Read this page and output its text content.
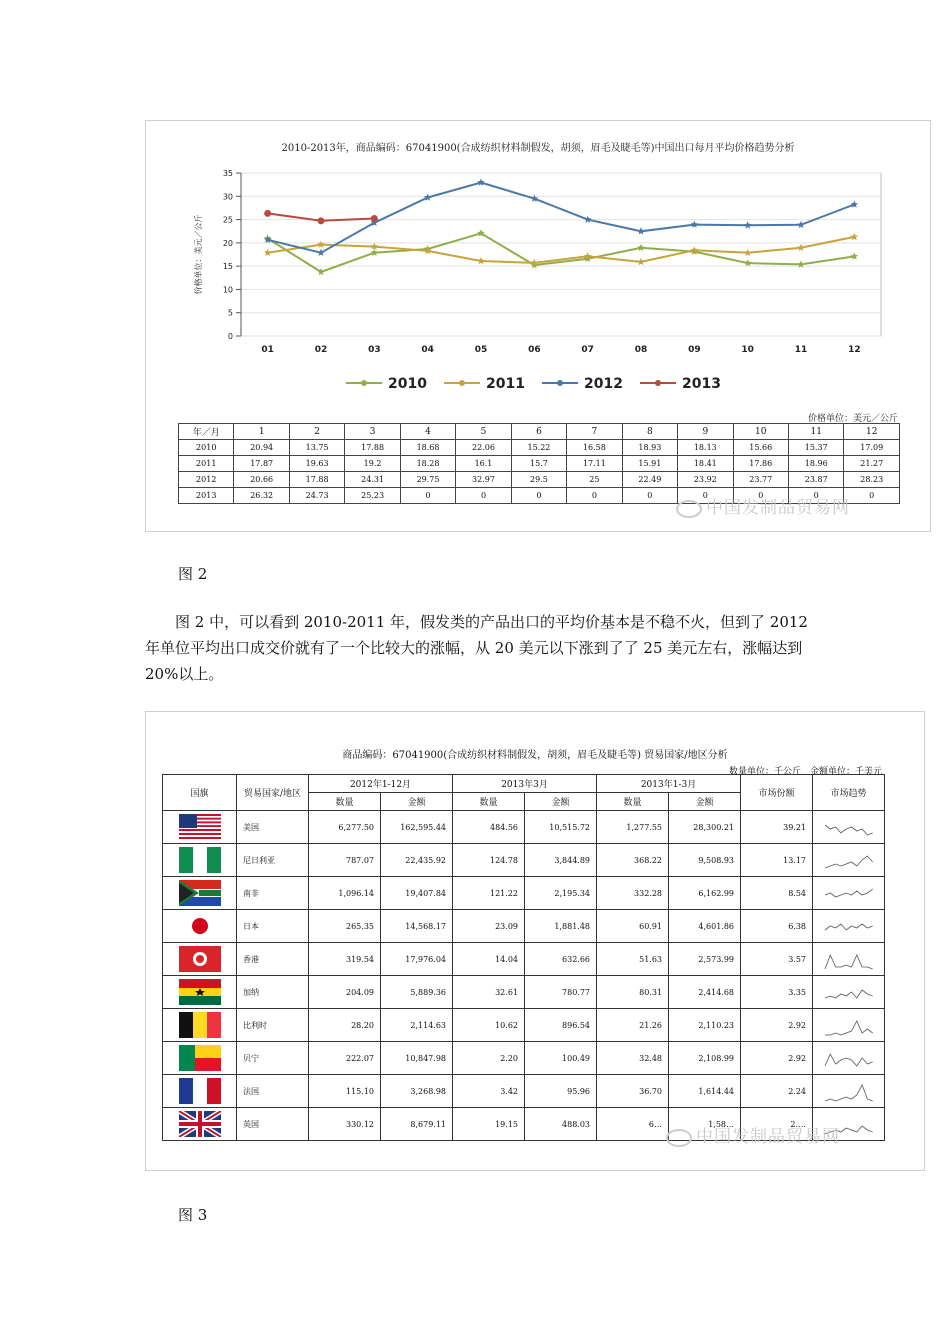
2010-2013年，商品编码：67041900(合成纺织材料制假发，胡须，眉毛及睫毛等)中国出口每月平均价格趋势分析
0
5
10
15
20
25
30
35
01	02	03	04	05	06	07	08	09	10	11	12
价格单位：美元／公斤
2010	2011	2012	2013
价格单位：美元／公斤
年／月	1	2	3	4	5	6	7	8	9	10	11	12
2010	20.94	13.75	17.88	18.68	22.06	15.22	16.58	18.93	18.13	15.66	15.37	17.09
2011	17.87	19.63	19.2	18.28	16.1	15.7	17.11	15.91	18.41	17.86	18.96	21.27
2012	20.66	17.88	24.31	29.75	32.97	29.5	25	22.49	23.92	23.77	23.87	28.23
2013	26.32	24.73	25.23	0	0	0	0	0	0	0	0	0
中国发制品贸易网
图 2
图 2 中，可以看到 2010-2011 年，假发类的产品出口的平均价基本是不稳不火，但到了 2012 年单位平均出口成交价就有了一个比较大的涨幅，从 20 美元以下涨到了了 25 美元左右，涨幅达到 20%以上。
商品编码：67041900(合成纺织材料制假发，胡须，眉毛及睫毛等) 贸易国家/地区分析
数量单位：千公斤　金额单位：千美元
国旗	贸易国家/地区	2012年1-12月		2013年3月		2013年1-3月		市场份额	市场趋势
		数量	金额	数量	金额	数量	金额		

	美国	6,277.50	162,595.44	484.56	10,515.72	1,277.55	28,300.21	39.21	

	尼日利亚	787.07	22,435.92	124.78	3,844.89	368.22	9,508.93	13.17	

	南非	1,096.14	19,407.84	121.22	2,195.34	332.28	6,162.99	8.54	

	日本	265.35	14,568.17	23.09	1,881.48	60.91	4,601.86	6.38	

	香港	319.54	17,976.04	14.04	632.66	51.63	2,573.99	3.57	

	加纳	204.09	5,889.36	32.61	780.77	80.31	2,414.68	3.35	

	比利时	28.20	2,114.63	10.62	896.54	21.26	2,110.23	2.92	

	贝宁	222.07	10,847.98	2.20	100.49	32.48	2,108.99	2.92	

	法国	115.10	3,268.98	3.42	95.96	36.70	1,614.44	2.24	

	英国	330.12	8,679.11	19.15	488.03	6…	1,58…	2.…	
中国发制品贸易网
图 3
